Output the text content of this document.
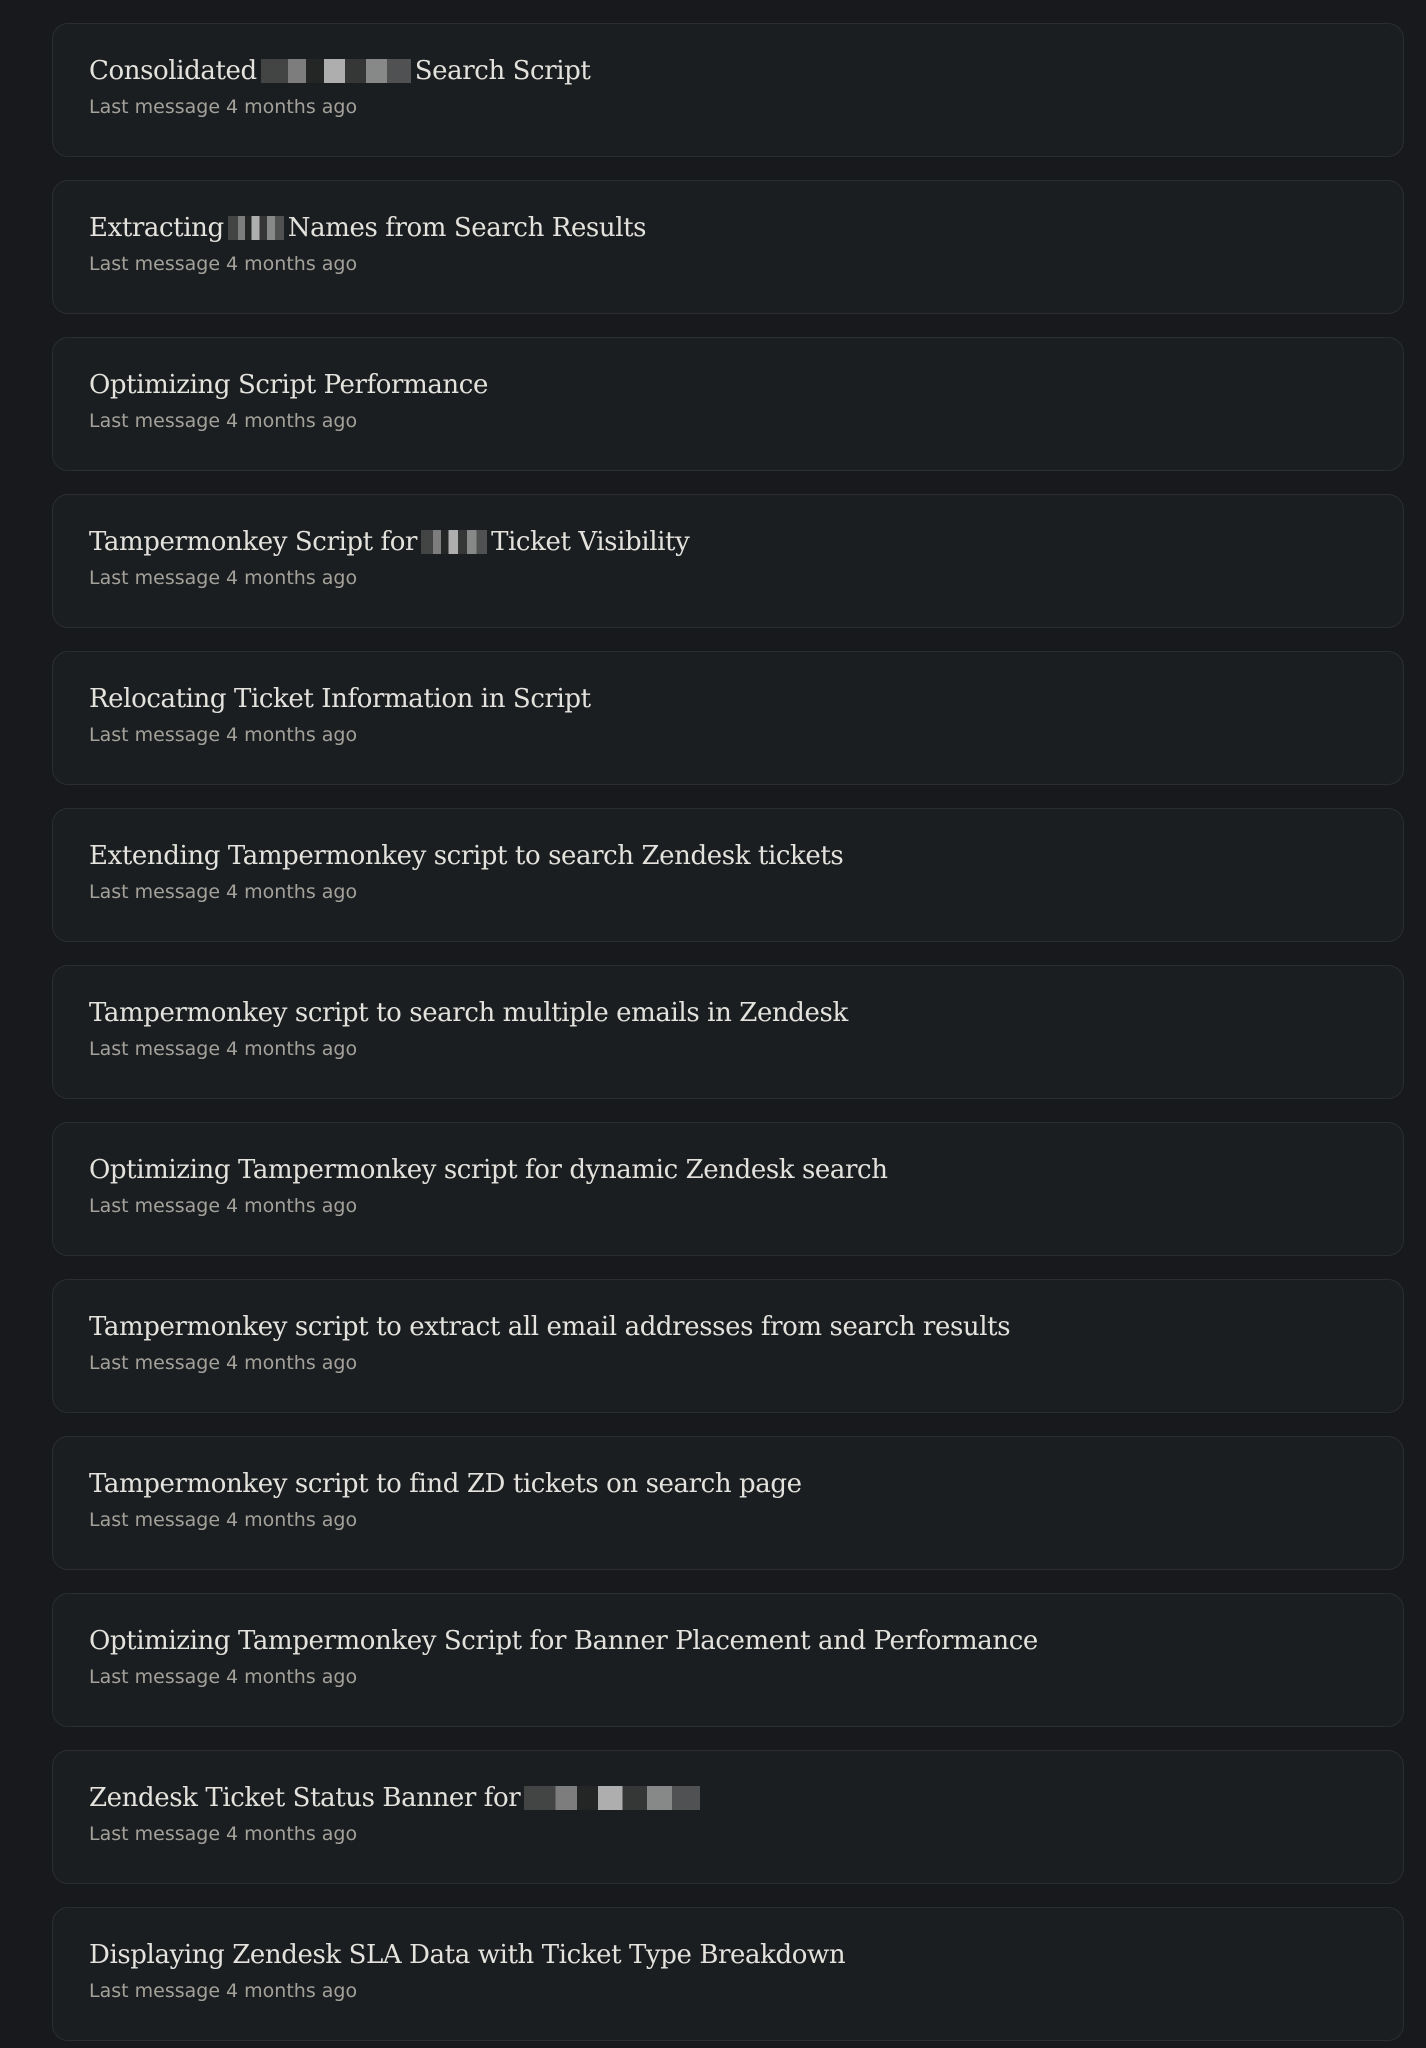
Consolidated	Search Script
Last message 4 months ago
Extracting Names from Search Results
Last message 4 months ago
Optimizing Script Performance
Last message 4 months ago
Tampermonkey Script for	Ticket Visibility
Last message 4 months ago
Relocating Ticket Information in Script
Last message 4 months ago
Extending Tampermonkey script to search Zendesk tickets
Last message 4 months ago
Tampermonkey script to search multiple emails in Zendesk
Last message 4 months ago
Optimizing Tampermonkey script for dynamic Zendesk search
Last message 4 months ago
Tampermonkey script to extract all email addresses from search results
Last message 4 months ago
Tampermonkey script to find ZD tickets on search page
Last message 4 months ago
Optimizing Tampermonkey Script for Banner Placement and Performance
Last message 4 months ago
Zendesk Ticket Status Banner for
Last message 4 months ago
Displaying Zendesk SLA Data with Ticket Type Breakdown
Last message 4 months ago
